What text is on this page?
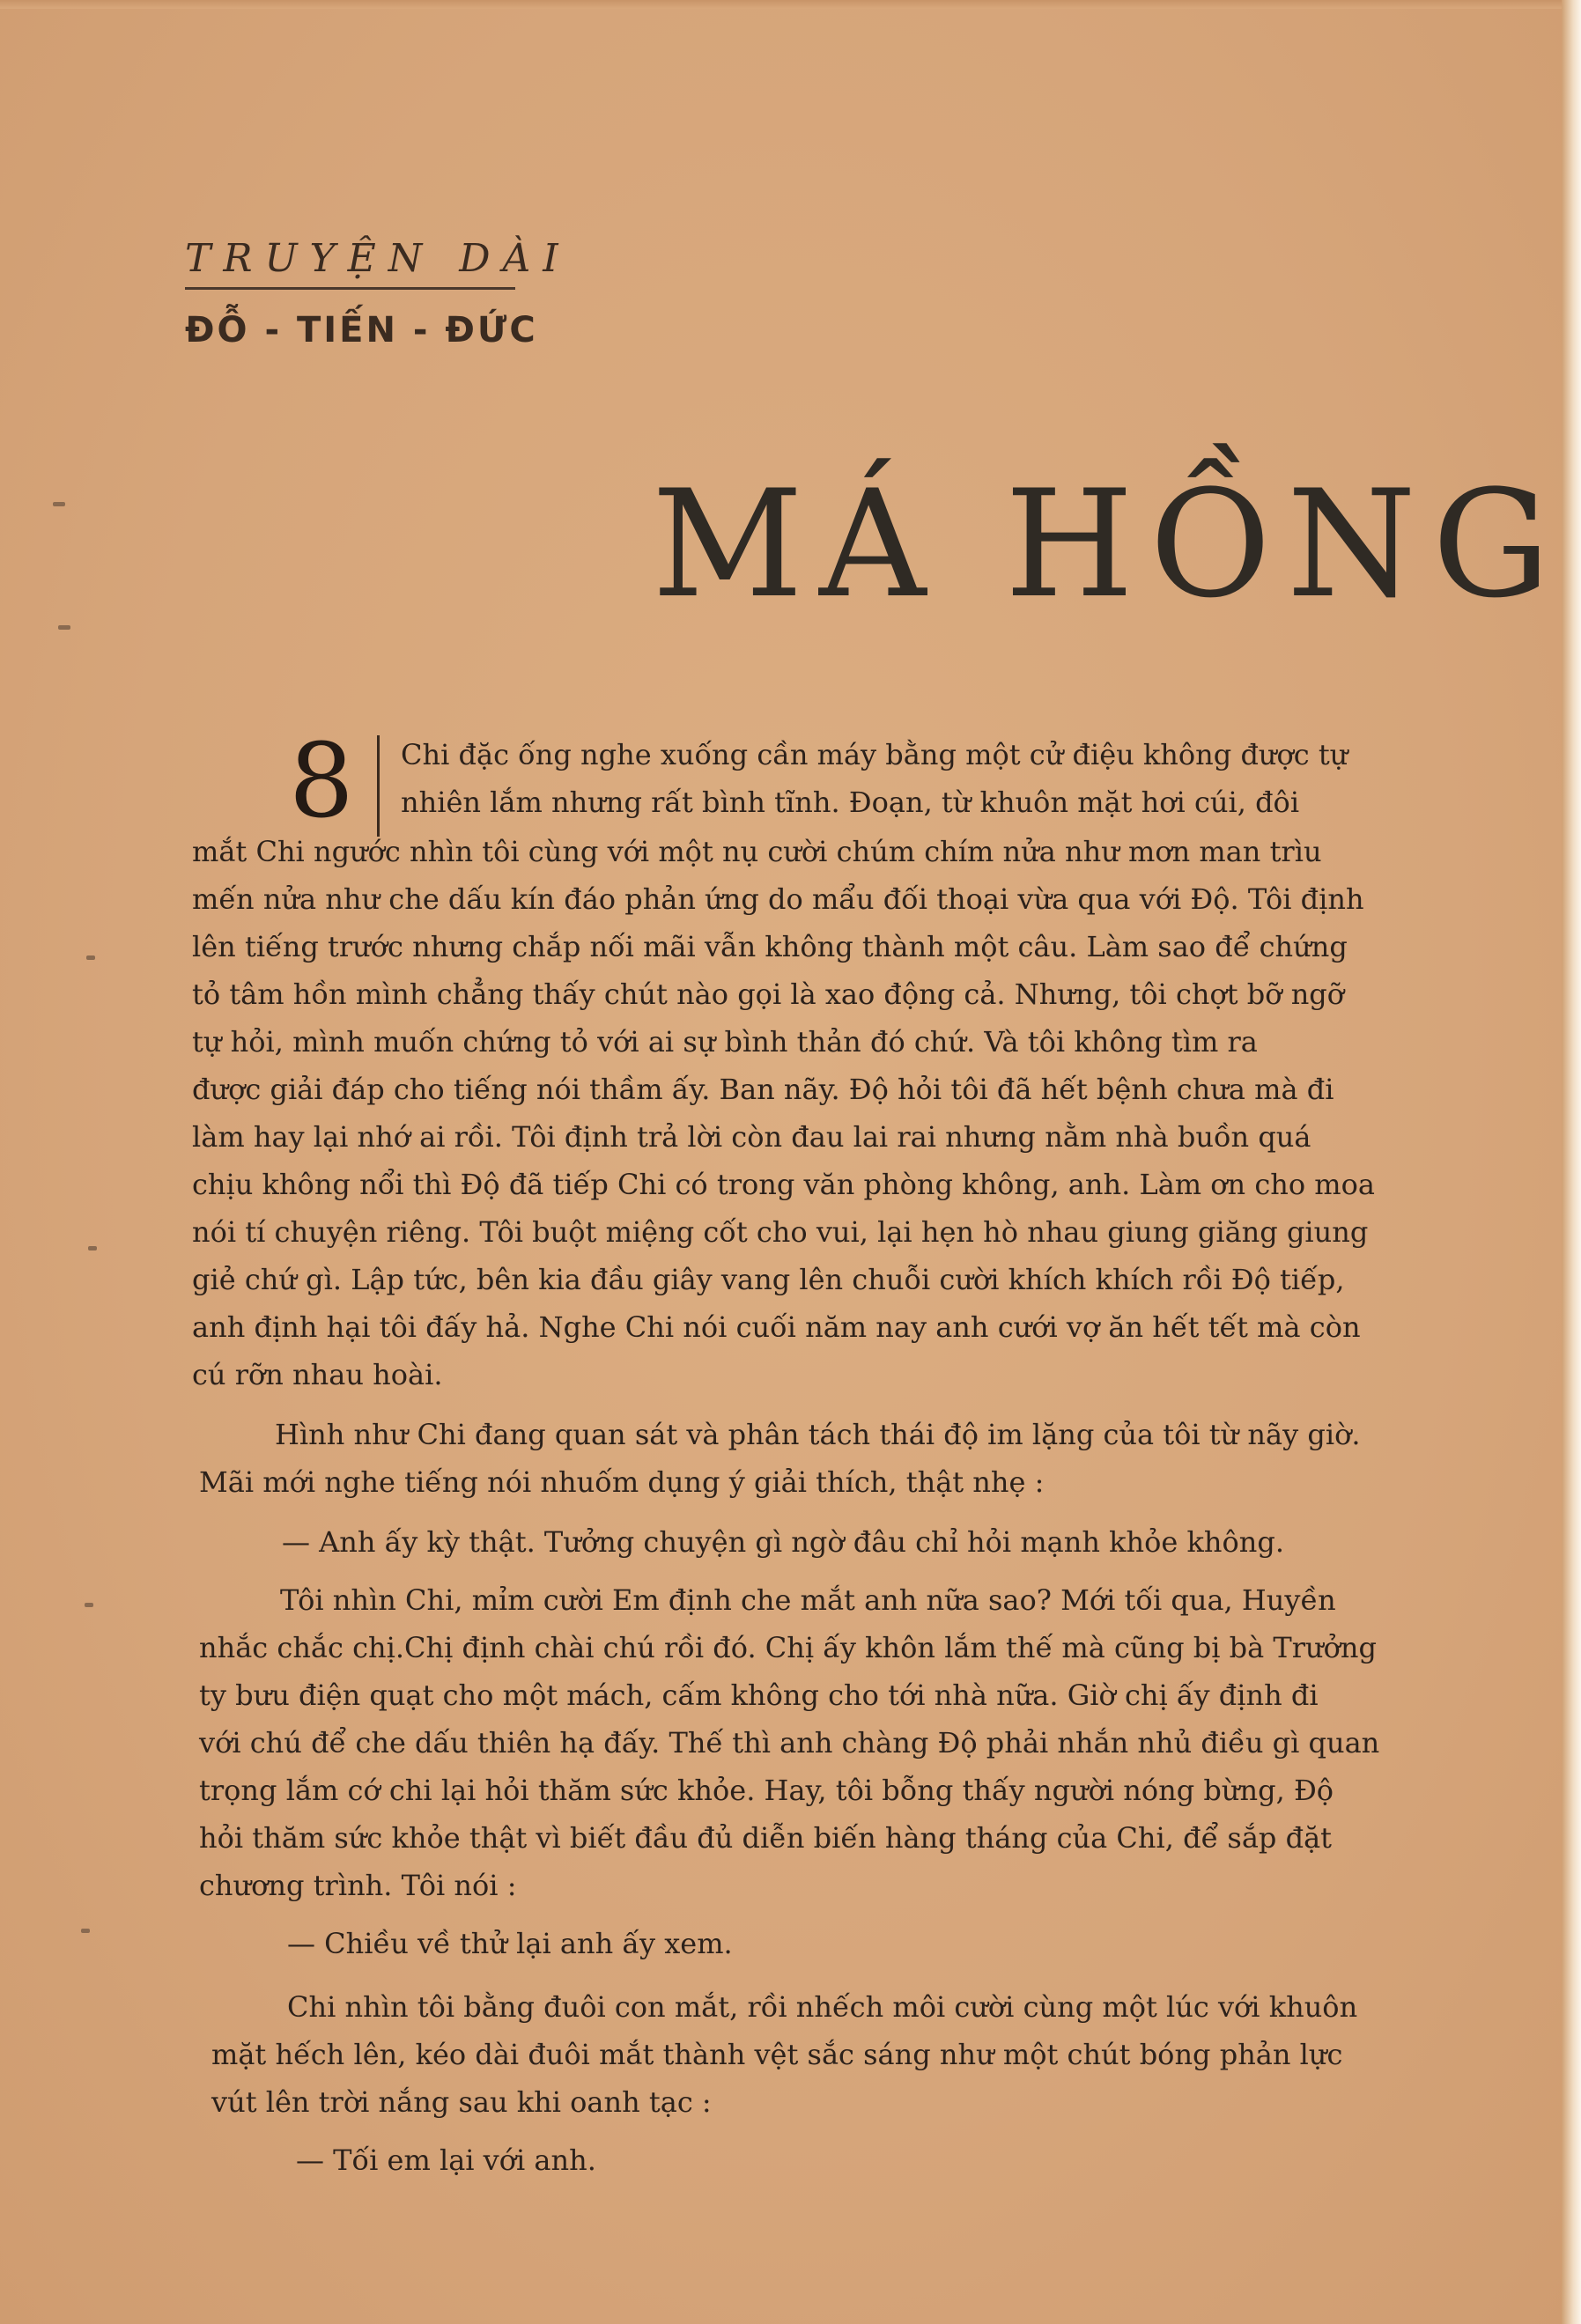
TRUYỆN DÀI
ĐỖ - TIẾN - ĐỨC
MÁ HỒNG
8 Chi đặc ống nghe xuống cần máy bằng một cử điệu không được tự
nhiên lắm nhưng rất bình tĩnh. Đoạn, từ khuôn mặt hơi cúi, đôi
mắt Chi ngước nhìn tôi cùng với một nụ cười chúm chím nửa như mơn man trìu
mến nửa như che dấu kín đáo phản ứng do mẩu đối thoại vừa qua với Độ. Tôi định
lên tiếng trước nhưng chắp nối mãi vẫn không thành một câu. Làm sao để chứng
tỏ tâm hồn mình chẳng thấy chút nào gọi là xao động cả. Nhưng, tôi chợt bỡ ngỡ
tự hỏi, mình muốn chứng tỏ với ai sự bình thản đó chứ. Và tôi không tìm ra
được giải đáp cho tiếng nói thầm ấy. Ban nãy. Độ hỏi tôi đã hết bệnh chưa mà đi
làm hay lại nhớ ai rồi. Tôi định trả lời còn đau lai rai nhưng nằm nhà buồn quá
chịu không nổi thì Độ đã tiếp Chi có trong văn phòng không, anh. Làm ơn cho moa
nói tí chuyện riêng. Tôi buột miệng cốt cho vui, lại hẹn hò nhau giung giăng giung
giẻ chứ gì. Lập tức, bên kia đầu giây vang lên chuỗi cười khích khích rồi Độ tiếp,
anh định hại tôi đấy hả. Nghe Chi nói cuối năm nay anh cưới vợ ăn hết tết mà còn
cú rỡn nhau hoài.
Hình như Chi đang quan sát và phân tách thái độ im lặng của tôi từ nãy giờ.
Mãi mới nghe tiếng nói nhuốm dụng ý giải thích, thật nhẹ :
— Anh ấy kỳ thật. Tưởng chuyện gì ngờ đâu chỉ hỏi mạnh khỏe không.
Tôi nhìn Chi, mỉm cười Em định che mắt anh nữa sao? Mới tối qua, Huyền
nhắc chắc chị.Chị định chài chú rồi đó. Chị ấy khôn lắm thế mà cũng bị bà Trưởng
ty bưu điện quạt cho một mách, cấm không cho tới nhà nữa. Giờ chị ấy định đi
với chú để che dấu thiên hạ đấy. Thế thì anh chàng Độ phải nhắn nhủ điều gì quan
trọng lắm cớ chi lại hỏi thăm sức khỏe. Hay, tôi bỗng thấy người nóng bừng, Độ
hỏi thăm sức khỏe thật vì biết đầu đủ diễn biến hàng tháng của Chi, để sắp đặt
chương trình. Tôi nói :
— Chiều về thử lại anh ấy xem.
Chi nhìn tôi bằng đuôi con mắt, rồi nhếch môi cười cùng một lúc với khuôn
mặt hếch lên, kéo dài đuôi mắt thành vệt sắc sáng như một chút bóng phản lực
vút lên trời nắng sau khi oanh tạc :
— Tối em lại với anh.
